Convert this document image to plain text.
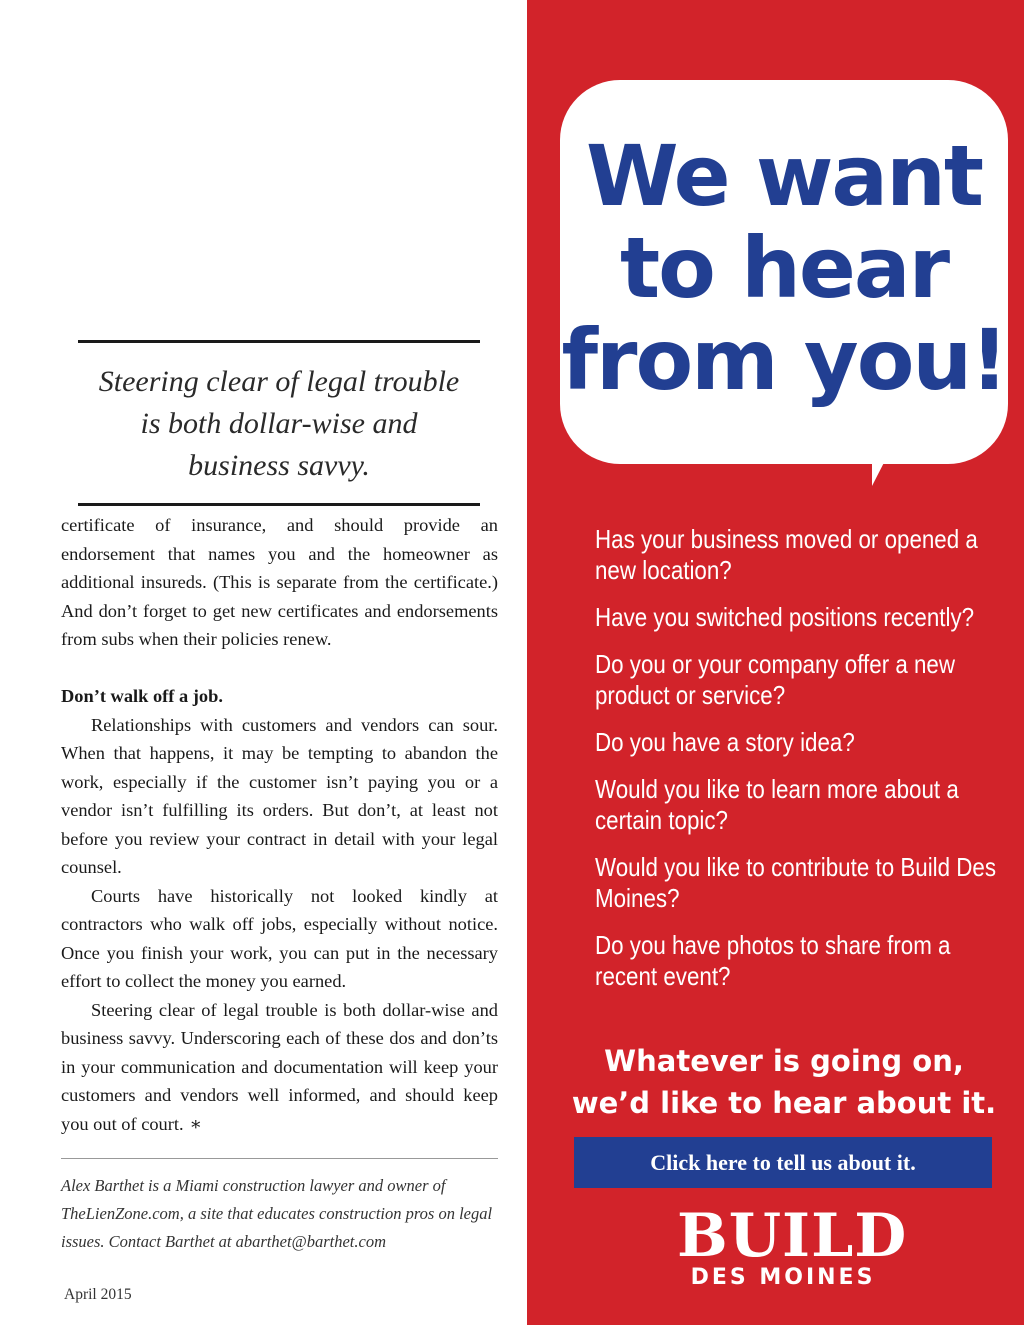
Steering clear of legal trouble
is both dollar-wise and
business savvy.

certificate of insurance, and should provide an endorsement that names you and the homeowner as additional insureds. (This is separate from the certificate.) And don’t forget to get new certificates and endorsements from subs when their policies renew.

Don’t walk off a job.

Relationships with customers and vendors can sour. When that happens, it may be tempting to abandon the work, especially if the customer isn’t paying you or a vendor isn’t fulfilling its orders. But don’t, at least not before you review your contract in detail with your legal counsel.

Courts have historically not looked kindly at contractors who walk off jobs, especially without notice. Once you finish your work, you can put in the necessary effort to collect the money you earned.

Steering clear of legal trouble is both dollar-wise and business savvy. Underscoring each of these dos and don’ts in your communication and documentation will keep your customers and vendors well informed, and should keep you out of court. ∗

Alex Barthet is a Miami construction lawyer and owner of TheLienZone.com, a site that educates construction pros on legal issues. Contact Barthet at abarthet@barthet.com
April 2015
We want
to hear
from you!
Has your business moved or opened a new location?
Have you switched positions recently?
Do you or your company offer a new product or service?
Do you have a story idea?
Would you like to learn more about a certain topic?
Would you like to contribute to Build Des Moines?
Do you have photos to share from a recent event?
Whatever is going on,
we’d like to hear about it.
Click here to tell us about it.
BUILD
DES MOINES
